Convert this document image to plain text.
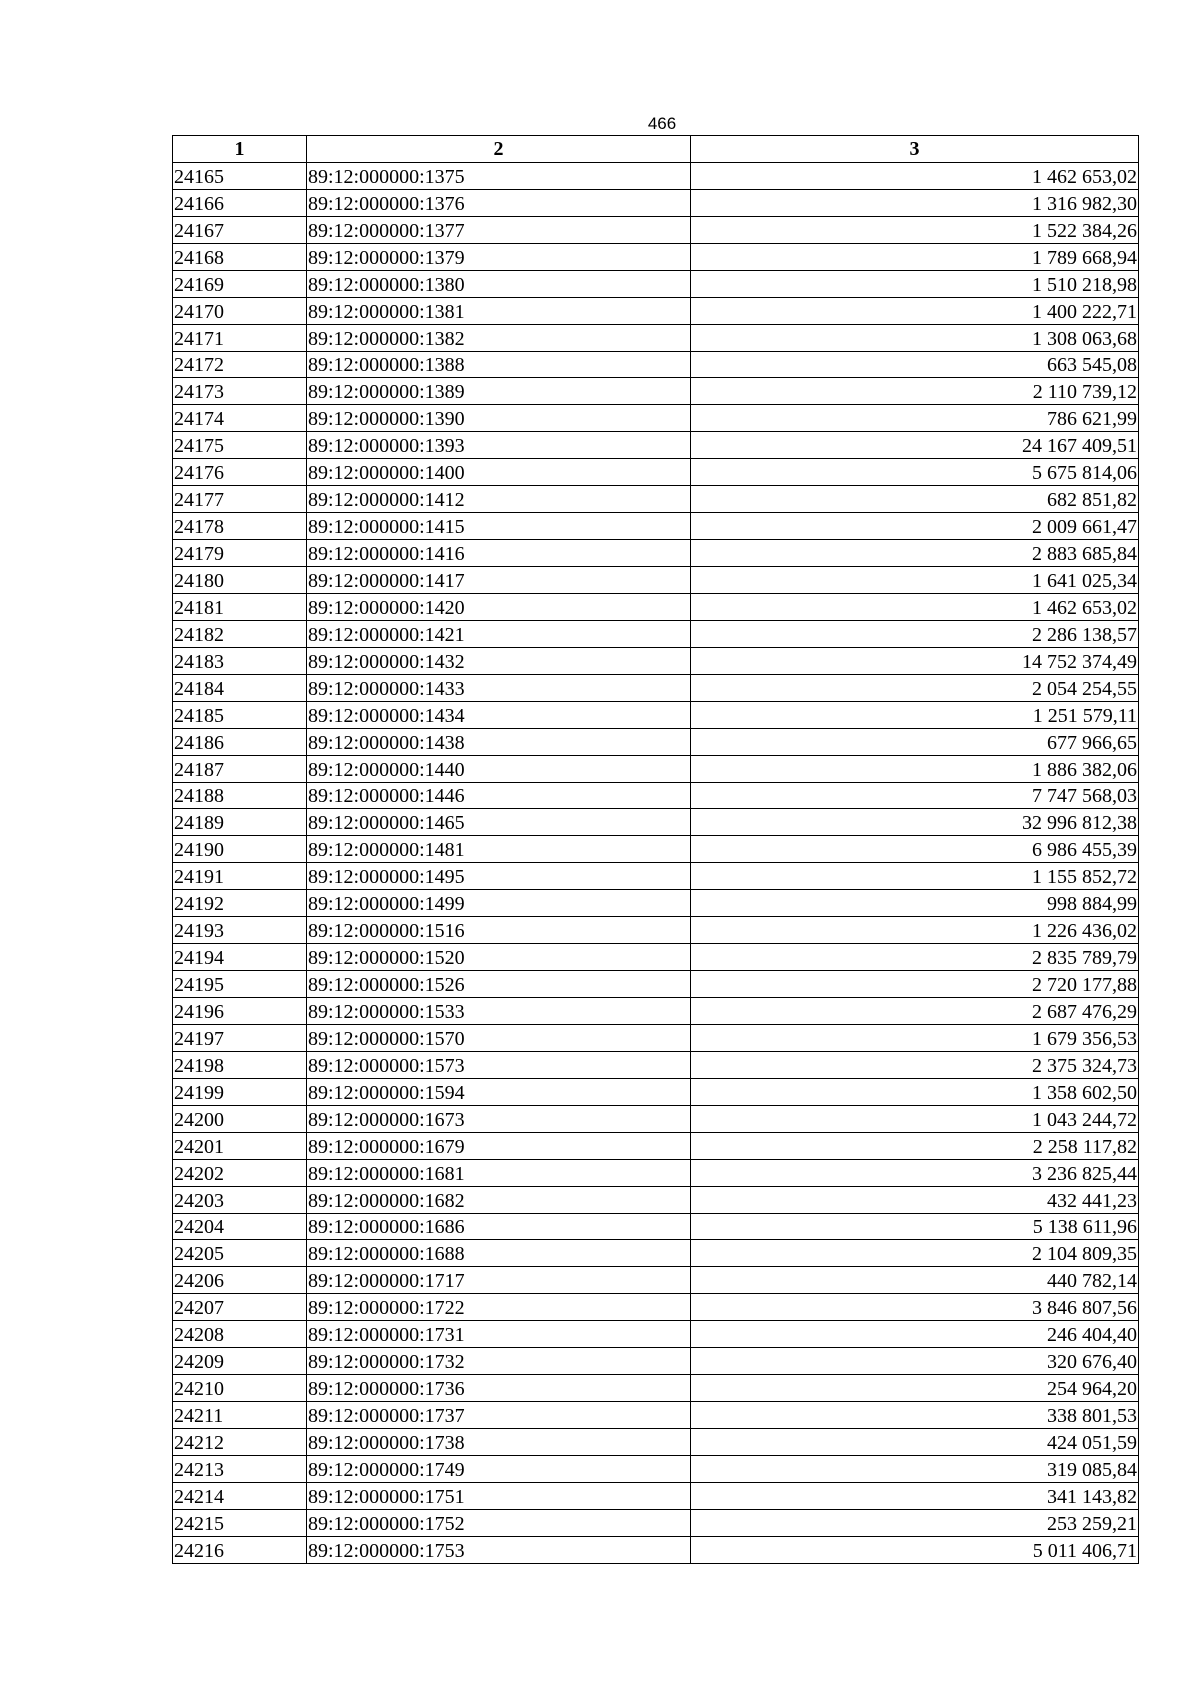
466
1	2	3
24165	89:12:000000:1375	1 462 653,02
24166	89:12:000000:1376	1 316 982,30
24167	89:12:000000:1377	1 522 384,26
24168	89:12:000000:1379	1 789 668,94
24169	89:12:000000:1380	1 510 218,98
24170	89:12:000000:1381	1 400 222,71
24171	89:12:000000:1382	1 308 063,68
24172	89:12:000000:1388	663 545,08
24173	89:12:000000:1389	2 110 739,12
24174	89:12:000000:1390	786 621,99
24175	89:12:000000:1393	24 167 409,51
24176	89:12:000000:1400	5 675 814,06
24177	89:12:000000:1412	682 851,82
24178	89:12:000000:1415	2 009 661,47
24179	89:12:000000:1416	2 883 685,84
24180	89:12:000000:1417	1 641 025,34
24181	89:12:000000:1420	1 462 653,02
24182	89:12:000000:1421	2 286 138,57
24183	89:12:000000:1432	14 752 374,49
24184	89:12:000000:1433	2 054 254,55
24185	89:12:000000:1434	1 251 579,11
24186	89:12:000000:1438	677 966,65
24187	89:12:000000:1440	1 886 382,06
24188	89:12:000000:1446	7 747 568,03
24189	89:12:000000:1465	32 996 812,38
24190	89:12:000000:1481	6 986 455,39
24191	89:12:000000:1495	1 155 852,72
24192	89:12:000000:1499	998 884,99
24193	89:12:000000:1516	1 226 436,02
24194	89:12:000000:1520	2 835 789,79
24195	89:12:000000:1526	2 720 177,88
24196	89:12:000000:1533	2 687 476,29
24197	89:12:000000:1570	1 679 356,53
24198	89:12:000000:1573	2 375 324,73
24199	89:12:000000:1594	1 358 602,50
24200	89:12:000000:1673	1 043 244,72
24201	89:12:000000:1679	2 258 117,82
24202	89:12:000000:1681	3 236 825,44
24203	89:12:000000:1682	432 441,23
24204	89:12:000000:1686	5 138 611,96
24205	89:12:000000:1688	2 104 809,35
24206	89:12:000000:1717	440 782,14
24207	89:12:000000:1722	3 846 807,56
24208	89:12:000000:1731	246 404,40
24209	89:12:000000:1732	320 676,40
24210	89:12:000000:1736	254 964,20
24211	89:12:000000:1737	338 801,53
24212	89:12:000000:1738	424 051,59
24213	89:12:000000:1749	319 085,84
24214	89:12:000000:1751	341 143,82
24215	89:12:000000:1752	253 259,21
24216	89:12:000000:1753	5 011 406,71
